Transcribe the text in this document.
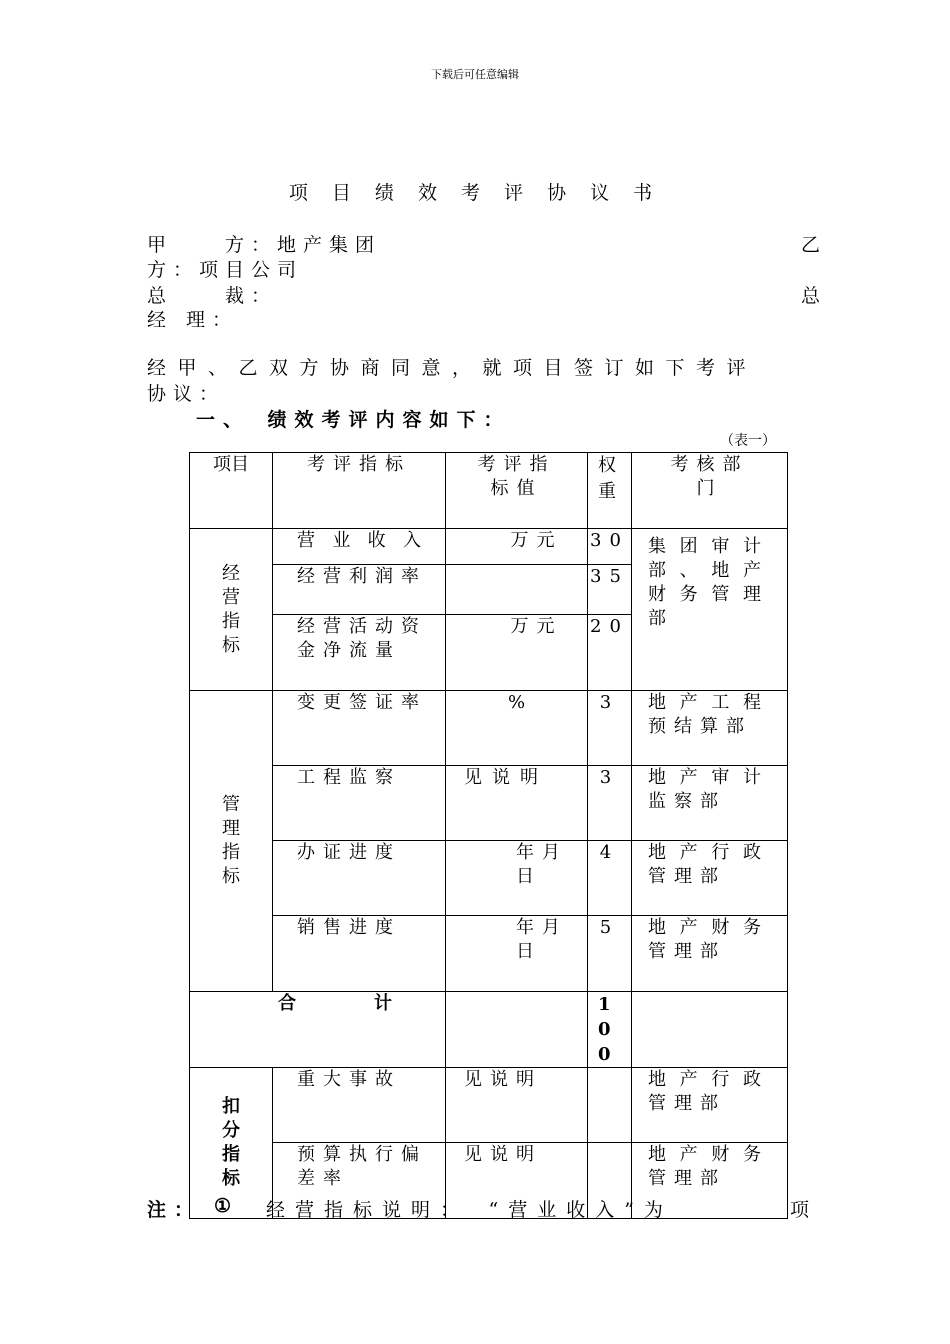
下载后可任意编辑
项 目 绩 效 考 评 协 议 书
甲　　方：地产集团	乙
方：项目公司
总　　裁：	总
经 理：
经甲、乙双方协商同意，就项目签订如下考评
协议：
一、　绩效考评内容如下：
（表一）
项目	考评指标	考评指标值	权重	考核部门
经营指标	营业收入	万元	30	集团审计部、地产财务管理部
	经营利润率		35	
	经营活动资金净流量	万元	20	
管理指标	变更签证率	%	3	地产工程预结算部
	工程监察	见说明	3	地产审计监察部
	办证进度	年月日	4	地产行政管理部
	销售进度	年月日	5	地产财务管理部
合　计			100	
扣分指标	重大事故	见说明		地产行政管理部
	预算执行偏差率	见说明		地产财务管理部
注： ① 经营指标说明：　“营业收入”为	项
